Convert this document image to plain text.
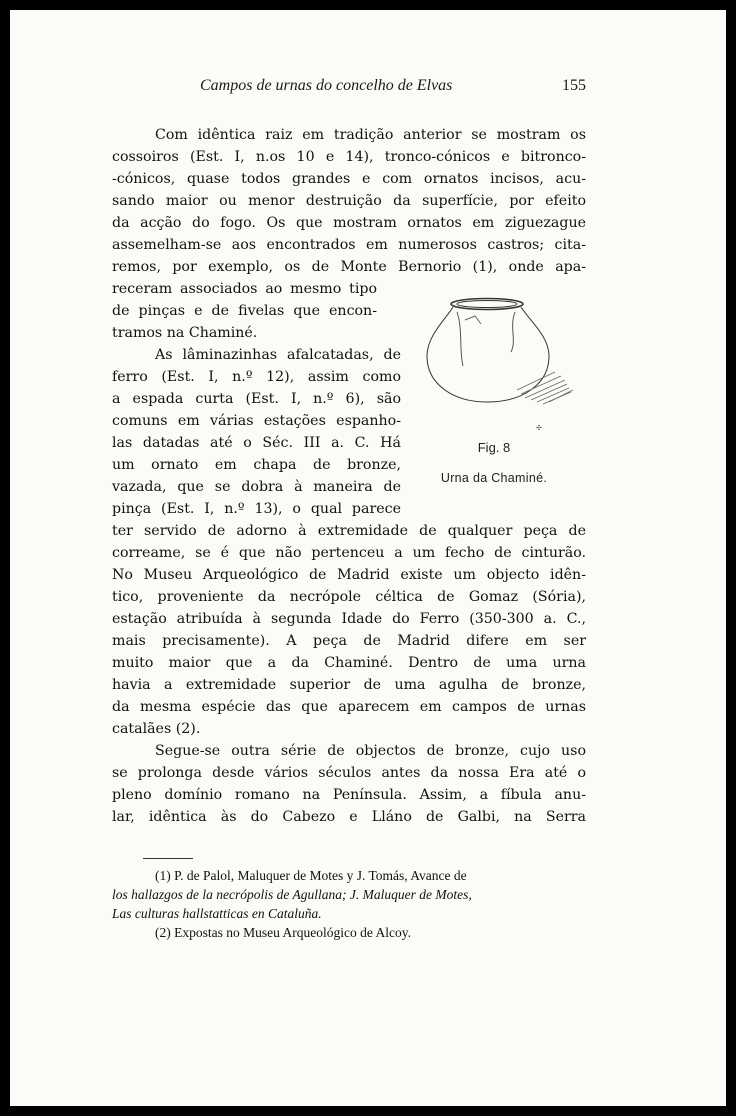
Campos de urnas do concelho de Elvas	155
Com idêntica raiz em tradição anterior se mostram os
cossoiros (Est. I, n.os 10 e 14), tronco-cónicos e bitronco-
-cónicos, quase todos grandes e com ornatos incisos, acu-
sando maior ou menor destruição da superfície, por efeito
da acção do fogo. Os que mostram ornatos em ziguezague
assemelham-se aos encontrados em numerosos castros; cita-
remos, por exemplo, os de Monte Bernorio (1), onde apa-
receram associados ao mesmo tipo
de pinças e de fivelas que encon-
tramos na Chaminé.
As lâminazinhas afalcatadas, de
ferro (Est. I, n.º 12), assim como
a espada curta (Est. I, n.º 6), são
comuns em várias estações espanho-
las datadas até o Séc. III a. C. Há
um ornato em chapa de bronze,
vazada, que se dobra à maneira de
pinça (Est. I, n.º 13), o qual parece
ter servido de adorno à extremidade de qualquer peça de
correame, se é que não pertenceu a um fecho de cinturão.
No Museu Arqueológico de Madrid existe um objecto idên-
tico, proveniente da necrópole céltica de Gomaz (Sória),
estação atribuída à segunda Idade do Ferro (350-300 a. C.,
mais precisamente). A peça de Madrid difere em ser
muito maior que a da Chaminé. Dentro de uma urna
havia a extremidade superior de uma agulha de bronze,
da mesma espécie das que aparecem em campos de urnas
catalães (2).
Segue-se outra série de objectos de bronze, cujo uso
se prolonga desde vários séculos antes da nossa Era até o
pleno domínio romano na Península. Assim, a fíbula anu-
lar, idêntica às do Cabezo e Lláno de Galbi, na Serra
✣
Fig. 8
Urna da Chaminé.
(1) P. de Palol, Maluquer de Motes y J. Tomás, Avance de
los hallazgos de la necrópolis de Agullana; J. Maluquer de Motes,
Las culturas hallstatticas en Cataluña.
(2) Expostas no Museu Arqueológico de Alcoy.
